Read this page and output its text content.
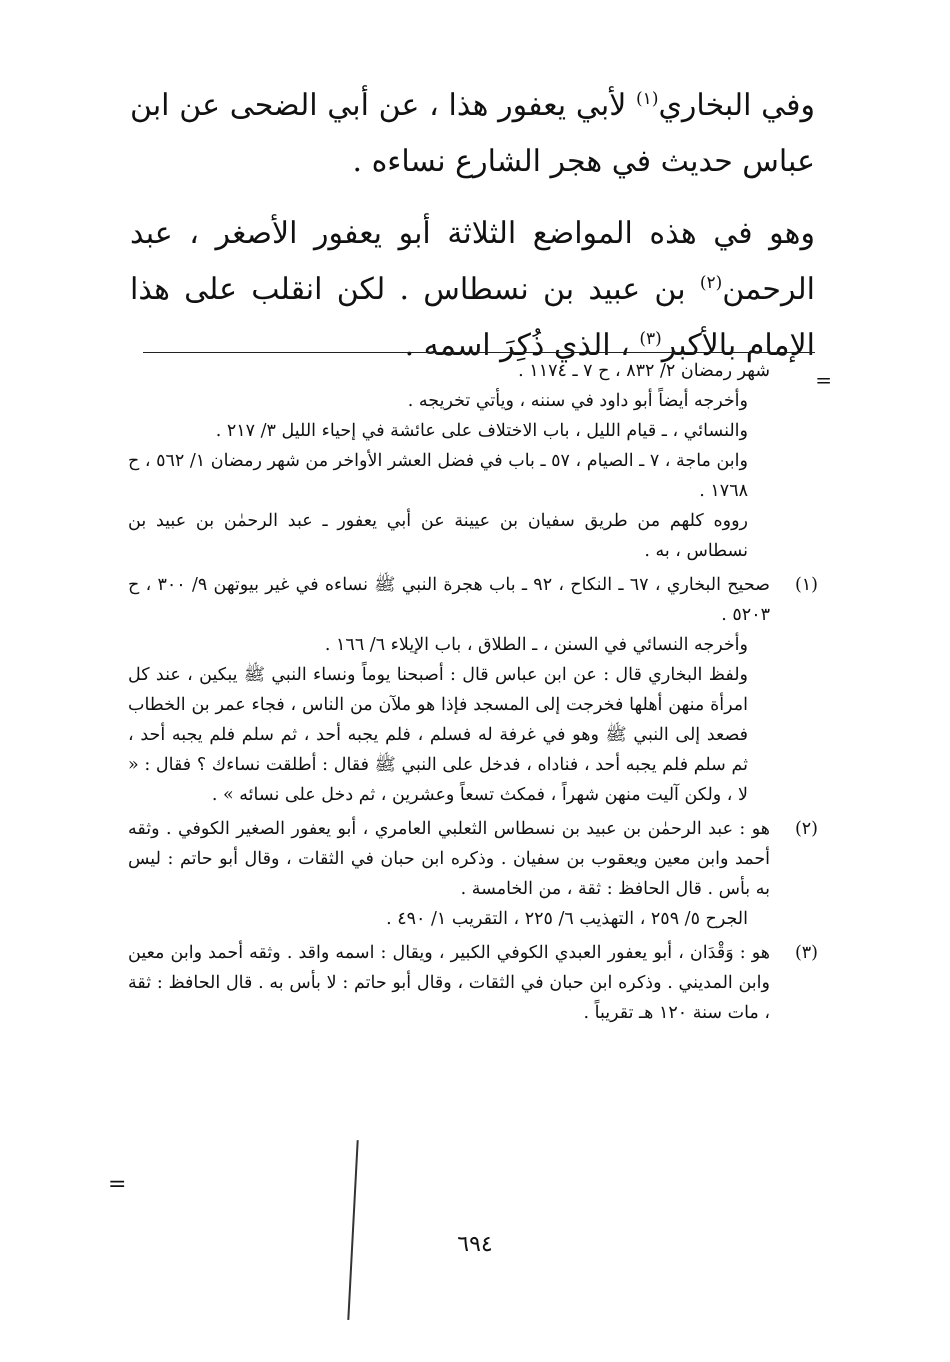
وفي البخاري$^{(١)}$ لأبي يعفور هذا ، عن أبي الضحى عن ابن عباس حديث في هجر الشارع نساءه .
وهو في هذه المواضع الثلاثة أبو يعفور الأصغر ، عبد الرحمن$^{(٢)}$ بن عبيد بن نسطاس . لكن انقلب على هذا الإمام بالأكبر$^{(٣)}$ ، الذي ذُكِرَ اسمه .
=
شهر رمضان ٢/ ٨٣٢ ، ح ٧ ـ ١١٧٤ .
وأخرجه أيضاً أبو داود في سننه ، ويأتي تخريجه .
والنسائي ، ـ قيام الليل ، باب الاختلاف على عائشة في إحياء الليل ٣/ ٢١٧ .
وابن ماجة ، ٧ ـ الصيام ، ٥٧ ـ باب في فضل العشر الأواخر من شهر رمضان ١/ ٥٦٢ ، ح ١٧٦٨ .
رووه كلهم من طريق سفيان بن عيينة عن أبي يعفور ـ عبد الرحمٰن بن عبيد بن نسطاس ، به .
(١)
صحيح البخاري ، ٦٧ ـ النكاح ، ٩٢ ـ باب هجرة النبي ﷺ نساءه في غير بيوتهن ٩/ ٣٠٠ ، ح ٥٢٠٣ .
وأخرجه النسائي في السنن ، ـ الطلاق ، باب الإيلاء ٦/ ١٦٦ .
ولفظ البخاري قال : عن ابن عباس قال : أصبحنا يوماً ونساء النبي ﷺ يبكين ، عند كل امرأة منهن أهلها فخرجت إلى المسجد فإذا هو ملآن من الناس ، فجاء عمر بن الخطاب فصعد إلى النبي ﷺ وهو في غرفة له فسلم ، فلم يجبه أحد ، ثم سلم فلم يجبه أحد ، ثم سلم فلم يجبه أحد ، فناداه ، فدخل على النبي ﷺ فقال : أطلقت نساءك ؟ فقال : « لا ، ولكن آليت منهن شهراً ، فمكث تسعاً وعشرين ، ثم دخل على نسائه » .
(٢)
هو : عبد الرحمٰن بن عبيد بن نسطاس الثعلبي العامري ، أبو يعفور الصغير الكوفي . وثقه أحمد وابن معين ويعقوب بن سفيان . وذكره ابن حبان في الثقات ، وقال أبو حاتم : ليس به بأس . قال الحافظ : ثقة ، من الخامسة .
الجرح ٥/ ٢٥٩ ، التهذيب ٦/ ٢٢٥ ، التقريب ١/ ٤٩٠ .
(٣)
هو : وَقْدَان ، أبو يعفور العبدي الكوفي الكبير ، ويقال : اسمه واقد . وثقه أحمد وابن معين وابن المديني . وذكره ابن حبان في الثقات ، وقال أبو حاتم : لا بأس به . قال الحافظ : ثقة ، مات سنة ١٢٠ هـ تقريباً .
=
٦٩٤
